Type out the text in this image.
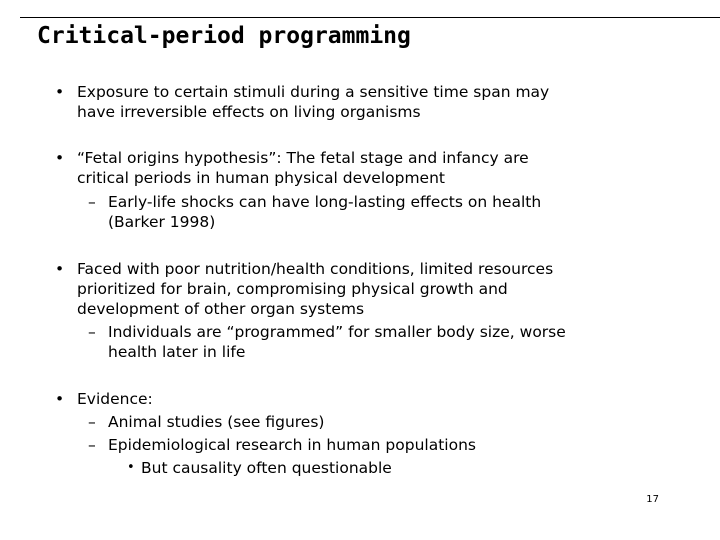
Critical-period programming
• Exposure to certain stimuli during a sensitive time span may
have irreversible effects on living organisms
• “Fetal origins hypothesis”: The fetal stage and infancy are
critical periods in human physical development
– Early-life shocks can have long-lasting effects on health
(Barker 1998)
• Faced with poor nutrition/health conditions, limited resources
prioritized for brain, compromising physical growth and
development of other organ systems
– Individuals are “programmed” for smaller body size, worse
health later in life
• Evidence:
– Animal studies (see figures)
– Epidemiological research in human populations
• But causality often questionable
17
